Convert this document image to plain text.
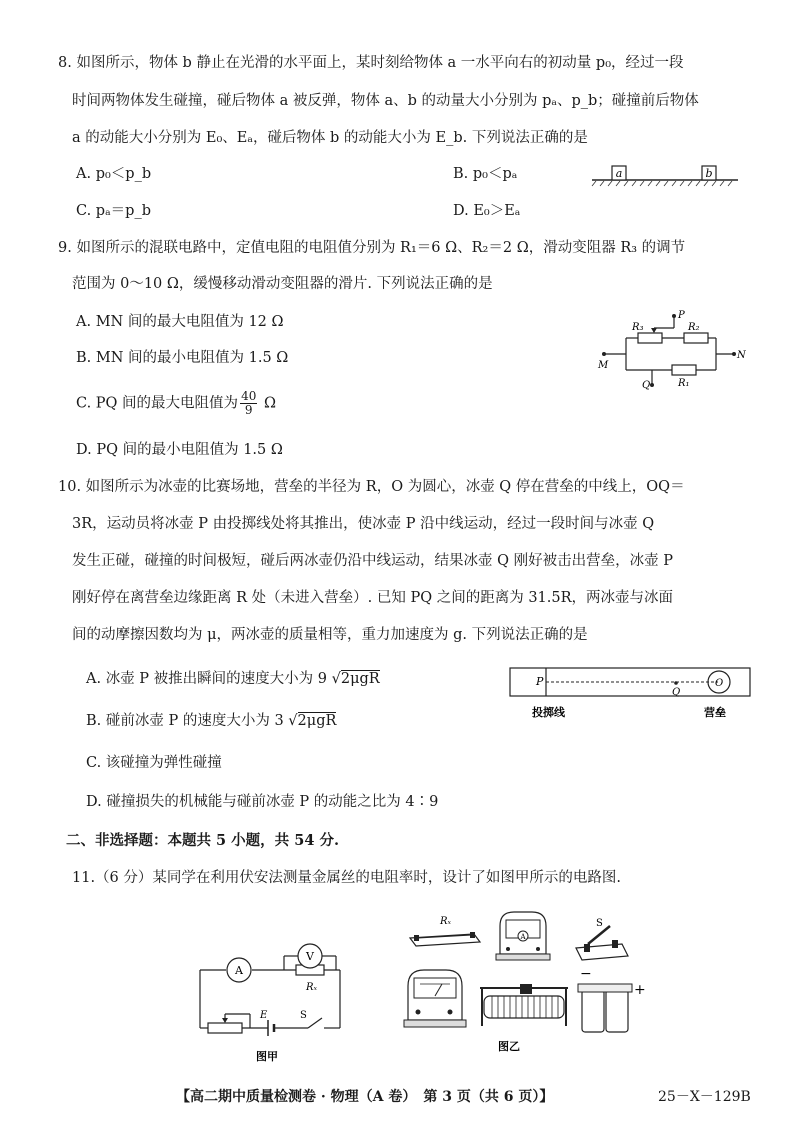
8. 如图所示，物体 b 静止在光滑的水平面上，某时刻给物体 a 一水平向右的初动量 p₀，经过一段
时间两物体发生碰撞，碰后物体 a 被反弹，物体 a、b 的动量大小分别为 pₐ、p_b；碰撞前后物体
a 的动能大小分别为 E₀、Eₐ，碰后物体 b 的动能大小为 E_b. 下列说法正确的是
A. p₀＜p_b	B. p₀＜pₐ
C. pₐ＝p_b	D. E₀＞Eₐ
a	b
9. 如图所示的混联电路中，定值电阻的电阻值分别为 R₁＝6 Ω、R₂＝2 Ω，滑动变阻器 R₃ 的调节
范围为 0～10 Ω，缓慢移动滑动变阻器的滑片. 下列说法正确的是
A. MN 间的最大电阻值为 12 Ω
B. MN 间的最小电阻值为 1.5 Ω
C. PQ 间的最大电阻值为 $\frac{40}{9}$ Ω
D. PQ 间的最小电阻值为 1.5 Ω
R₃	R₂
R₁
P
M
N
Q
10. 如图所示为冰壶的比赛场地，营垒的半径为 R，O 为圆心，冰壶 Q 停在营垒的中线上，OQ＝
3R，运动员将冰壶 P 由投掷线处将其推出，使冰壶 P 沿中线运动，经过一段时间与冰壶 Q
发生正碰，碰撞的时间极短，碰后两冰壶仍沿中线运动，结果冰壶 Q 刚好被击出营垒，冰壶 P
刚好停在离营垒边缘距离 R 处（未进入营垒）. 已知 PQ 之间的距离为 31.5R，两冰壶与冰面
间的动摩擦因数均为 μ，两冰壶的质量相等，重力加速度为 g. 下列说法正确的是
A. 冰壶 P 被推出瞬间的速度大小为 9 √2μgR
B. 碰前冰壶 P 的速度大小为 3 √2μgR
C. 该碰撞为弹性碰撞
D. 碰撞损失的机械能与碰前冰壶 P 的动能之比为 4∶9
P
Q
O
投掷线	营垒
二、非选择题：本题共 5 小题，共 54 分.
11.（6 分）某同学在利用伏安法测量金属丝的电阻率时，设计了如图甲所示的电路图.
A
V
Rₓ
E	S
图甲
Rₓ
A
S
图乙
−
+
【高二期中质量检测卷 · 物理（A 卷）　第 3 页（共 6 页）】	25－X－129B
